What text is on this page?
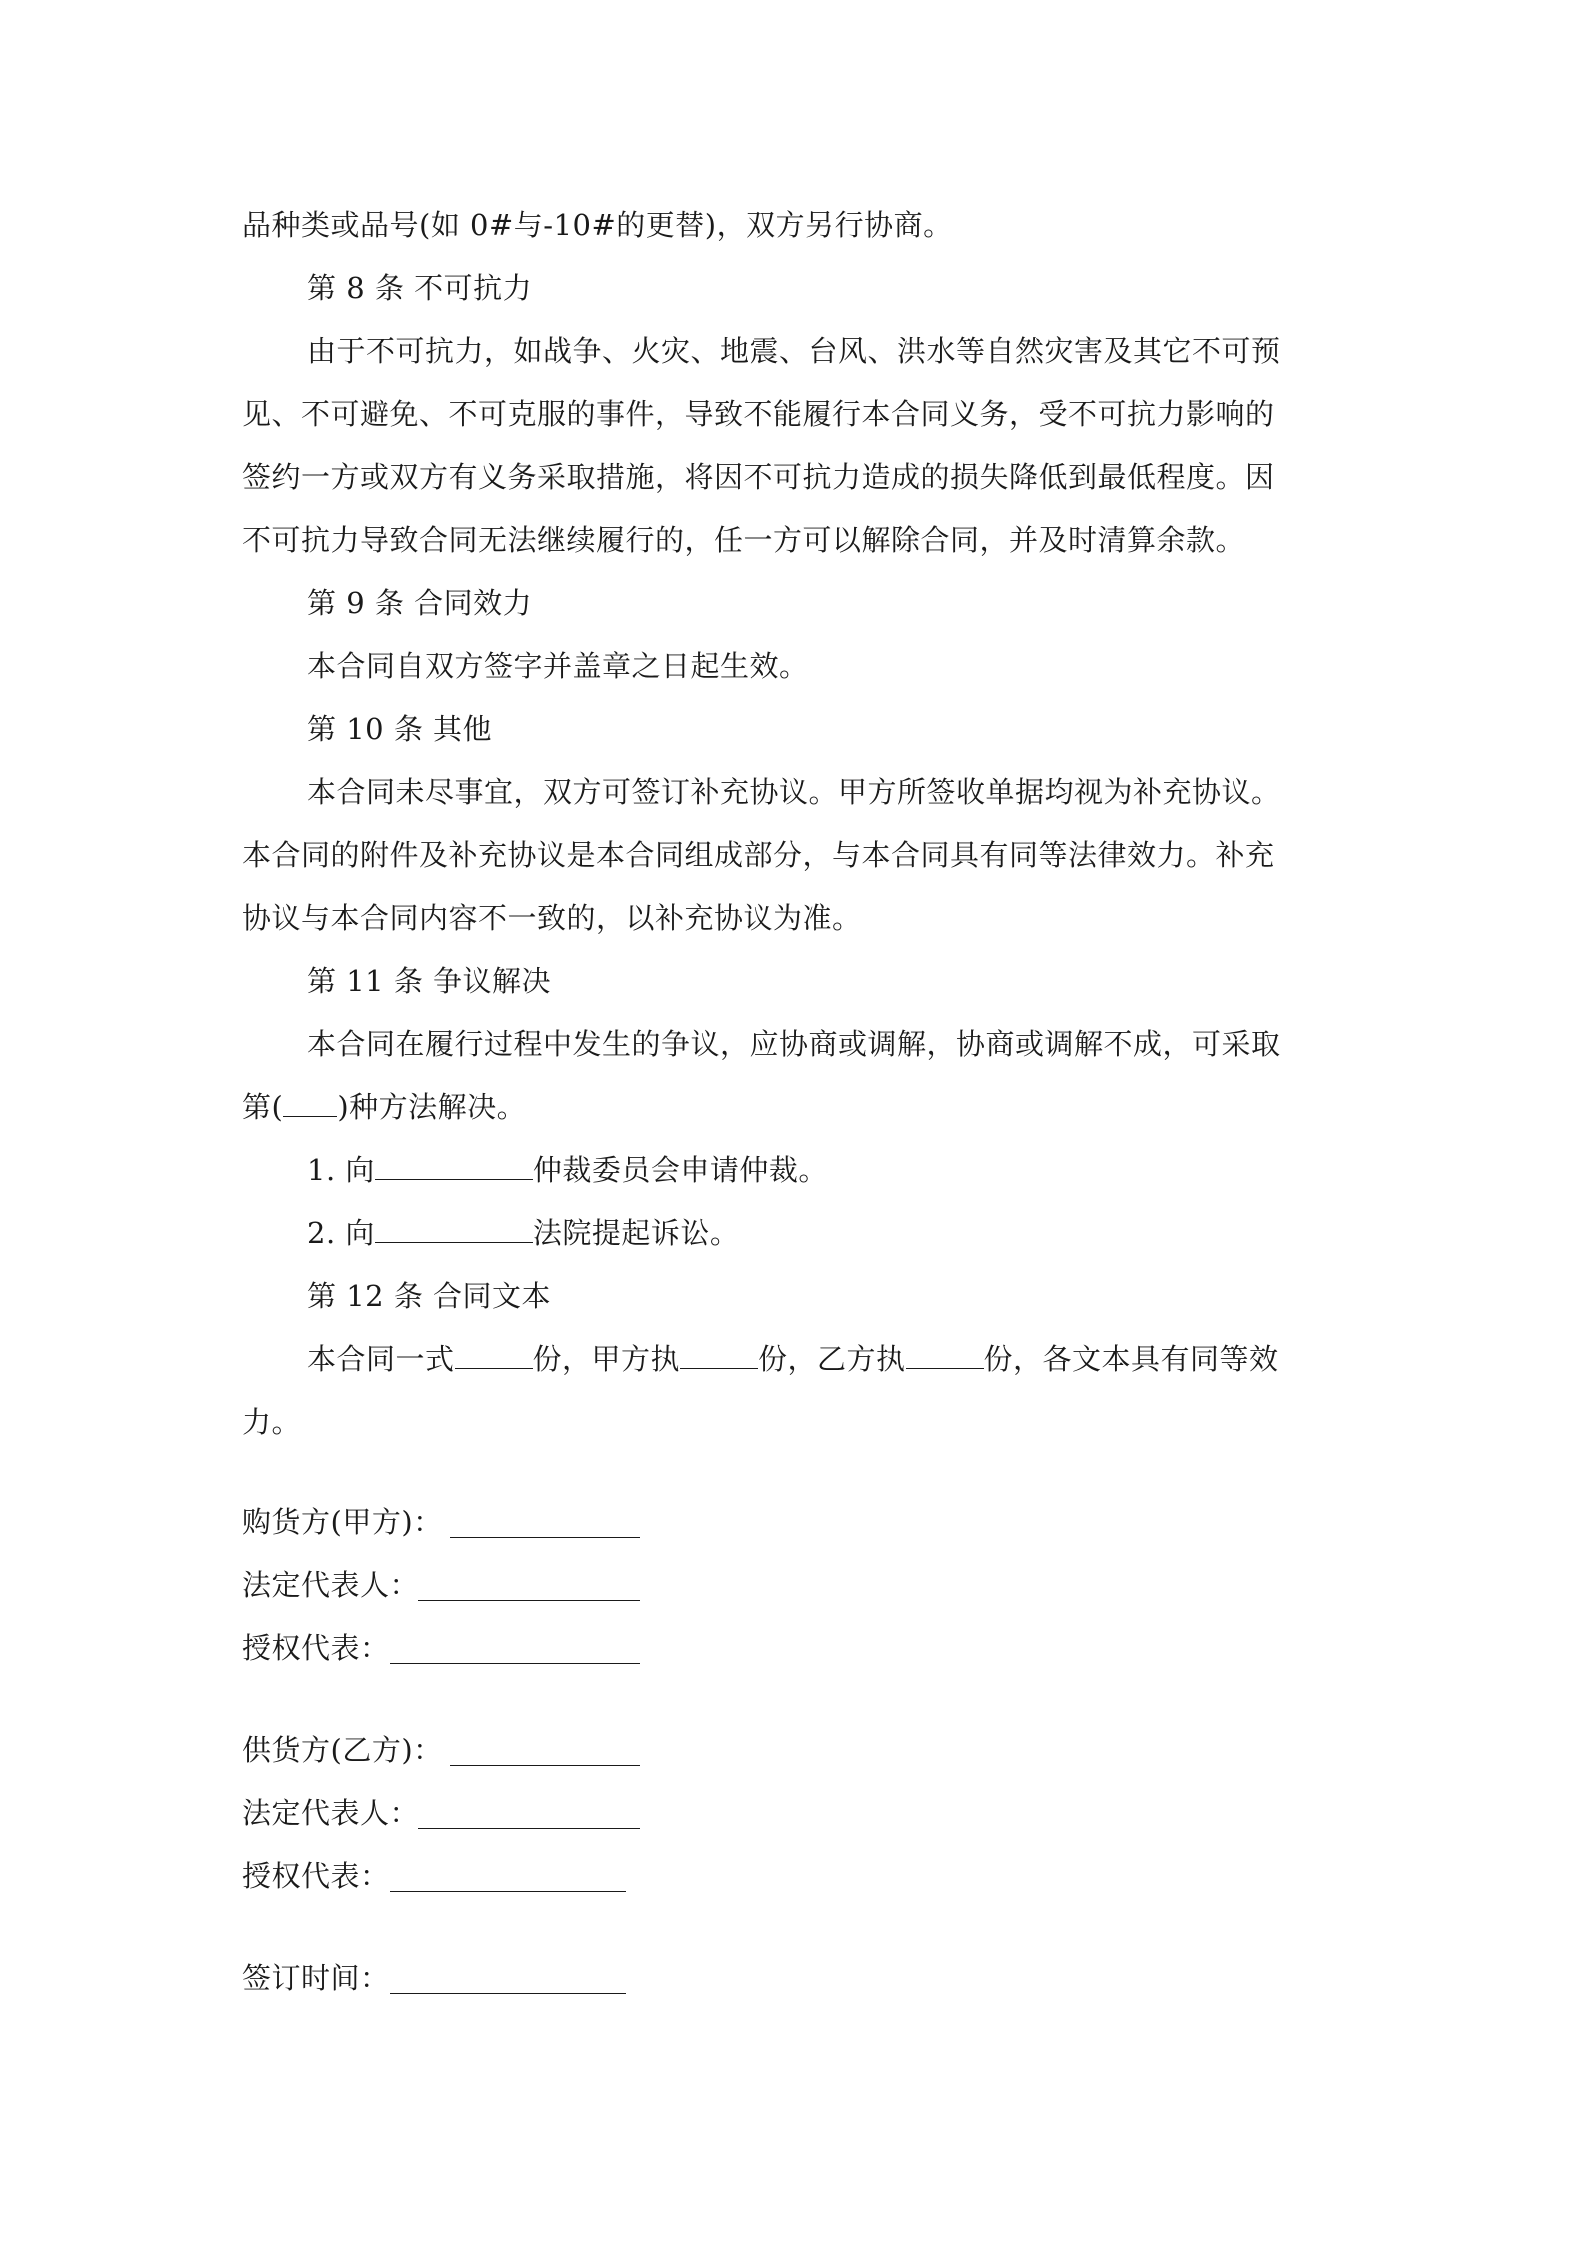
品种类或品号(如 0#与-10#的更替)，双方另行协商。
第 8 条 不可抗力
由于不可抗力，如战争、火灾、地震、台风、洪水等自然灾害及其它不可预
见、不可避免、不可克服的事件，导致不能履行本合同义务，受不可抗力影响的
签约一方或双方有义务采取措施，将因不可抗力造成的损失降低到最低程度。因
不可抗力导致合同无法继续履行的，任一方可以解除合同，并及时清算余款。
第 9 条 合同效力
本合同自双方签字并盖章之日起生效。
第 10 条 其他
本合同未尽事宜，双方可签订补充协议。甲方所签收单据均视为补充协议。
本合同的附件及补充协议是本合同组成部分，与本合同具有同等法律效力。补充
协议与本合同内容不一致的，以补充协议为准。
第 11 条 争议解决
本合同在履行过程中发生的争议，应协商或调解，协商或调解不成，可采取
第( )种方法解决。
1. 向	仲裁委员会申请仲裁。
2. 向	法院提起诉讼。
第 12 条 合同文本
本合同一式	份，甲方执	份，乙方执	份，各文本具有同等效
力。
购货方(甲方)：
法定代表人：
授权代表：
供货方(乙方)：
法定代表人：
授权代表：
签订时间：
